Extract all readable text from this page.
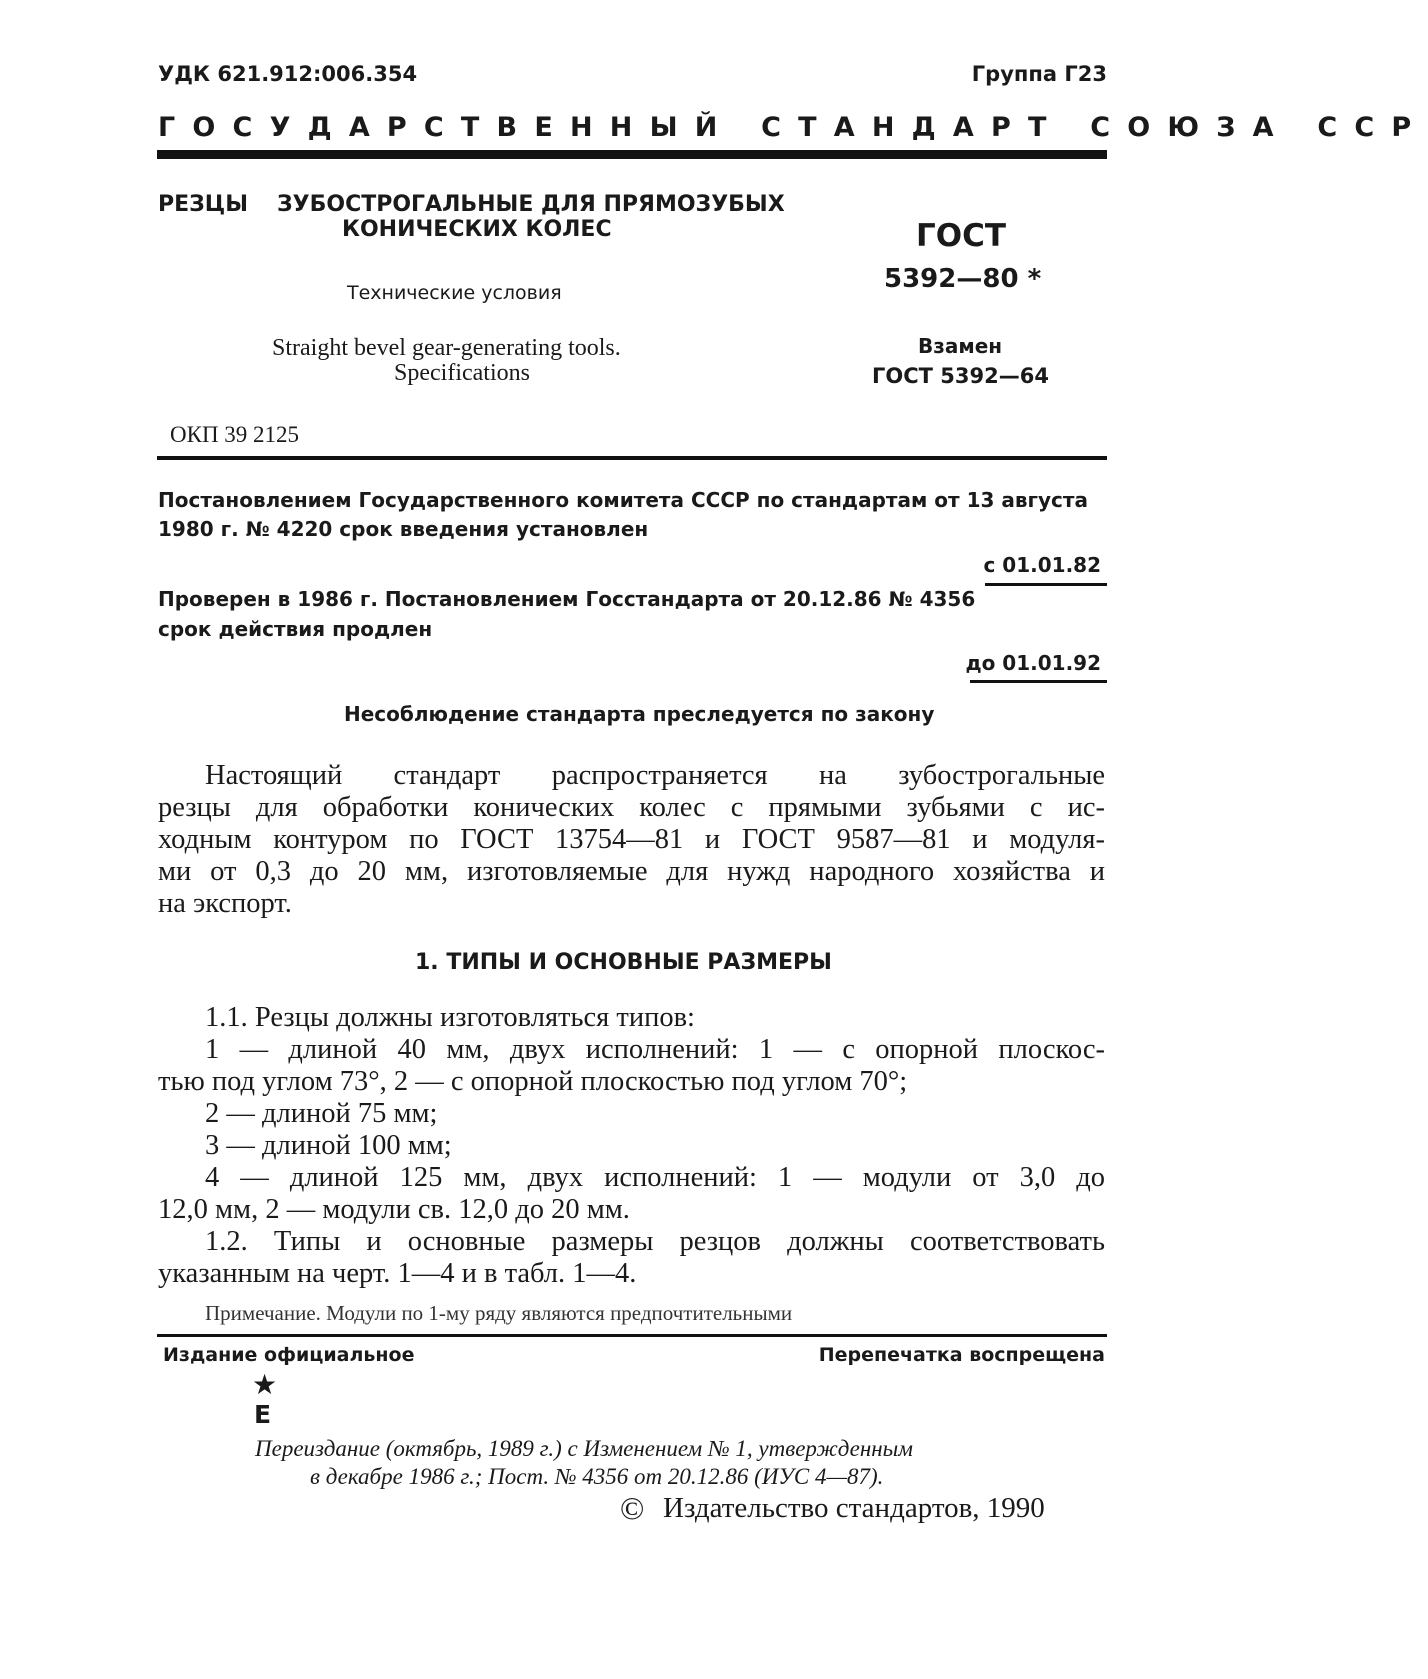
УДК 621.912:006.354	Группа Г23
ГОСУДАРСТВЕННЫЙ СТАНДАРТ СОЮЗА ССР
РЕЗЦЫ ЗУБОСТРОГАЛЬНЫЕ ДЛЯ ПРЯМОЗУБЫХ
КОНИЧЕСКИХ КОЛЕС
Технические условия
Straight bevel gear-generating tools.
Specifications
ГОСТ
5392—80 *
Взамен
ГОСТ 5392—64
ОКП 39 2125
Постановлением Государственного комитета СССР по стандартам от 13 августа
1980 г. № 4220 срок введения установлен
с 01.01.82
Проверен в 1986 г. Постановлением Госстандарта от 20.12.86 № 4356
срок действия продлен
до 01.01.92
Несоблюдение стандарта преследуется по закону
Настоящий стандарт распространяется на зубострогальные
резцы для обработки конических колес с прямыми зубьями с ис-
ходным контуром по ГОСТ 13754—81 и ГОСТ 9587—81 и модуля-
ми от 0,3 до 20 мм, изготовляемые для нужд народного хозяйства и
на экспорт.
1. ТИПЫ И ОСНОВНЫЕ РАЗМЕРЫ
1.1. Резцы должны изготовляться типов:
1 — длиной 40 мм, двух исполнений: 1 — с опорной плоскос-
тью под углом 73°, 2 — с опорной плоскостью под углом 70°;
2 — длиной 75 мм;
3 — длиной 100 мм;
4 — длиной 125 мм, двух исполнений: 1 — модули от 3,0 до
12,0 мм, 2 — модули св. 12,0 до 20 мм.
1.2. Типы и основные размеры резцов должны соответствовать
указанным на черт. 1—4 и в табл. 1—4.
Примечание. Модули по 1-му ряду являются предпочтительными
Издание официальное	Перепечатка воспрещена
★
E
Переиздание (октябрь, 1989 г.) с Изменением № 1, утвержденным
в декабре 1986 г.; Пост. № 4356 от 20.12.86 (ИУС 4—87).
© Издательство стандартов, 1990
